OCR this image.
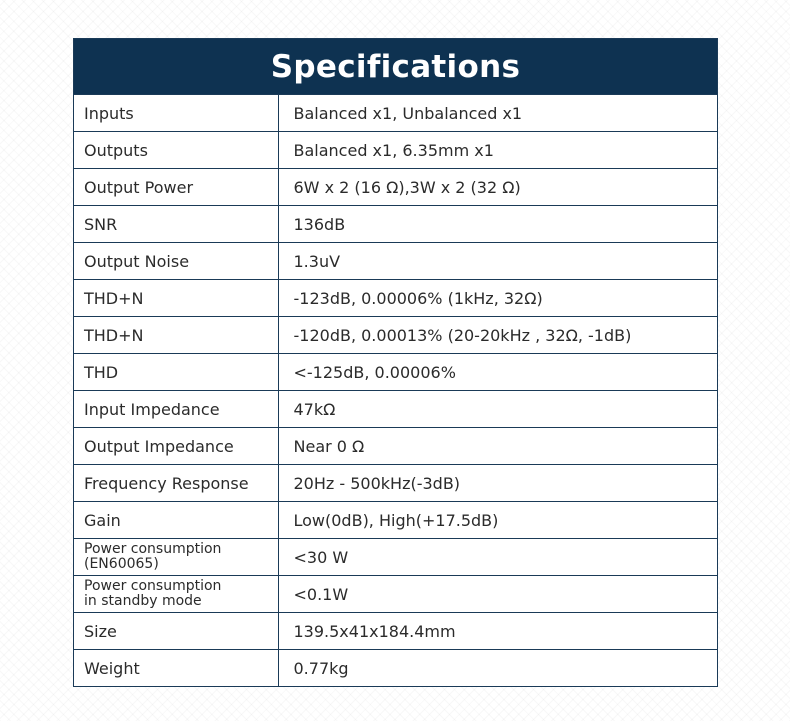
Specifications
Inputs	Balanced x1, Unbalanced x1
Outputs	Balanced x1, 6.35mm x1
Output Power	6W x 2 (16 Ω),3W x 2 (32 Ω)
SNR	136dB
Output Noise	1.3uV
THD+N	-123dB, 0.00006% (1kHz, 32Ω)
THD+N	-120dB, 0.00013% (20-20kHz , 32Ω, -1dB)
THD	<-125dB, 0.00006%
Input Impedance	47kΩ
Output Impedance	Near 0 Ω
Frequency Response	20Hz - 500kHz(-3dB)
Gain	Low(0dB), High(+17.5dB)

Power consumption
(EN60065)	<30 W

Power consumption
in standby mode	<0.1W
Size	139.5x41x184.4mm
Weight	0.77kg
